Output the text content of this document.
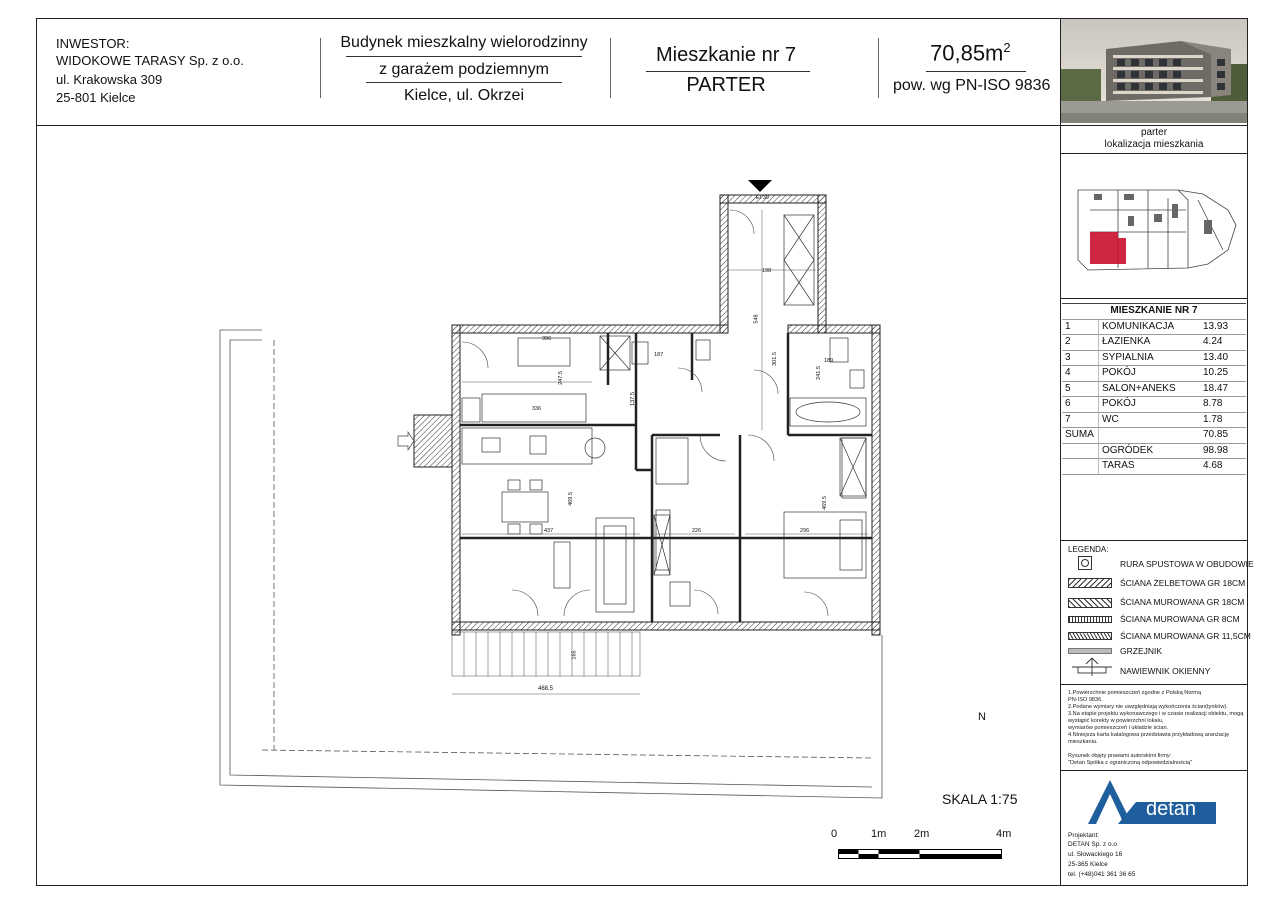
INWESTOR:
WIDOKOWE TARASY Sp. z o.o.
ul. Krakowska 309
25-801 Kielce
Budynek mieszkalny wielorodzinny
z garażem podziemnym
Kielce, ul. Okrzei
Mieszkanie nr 7
PARTER
$70,85m^2$
pow. wg PN-ISO 9836
parter
lokalizacja mieszkania
MIESZKANIE NR 7		
1	KOMUNIKACJA	13.93
2	ŁAZIENKA	4.24
3	SYPIALNIA	13.40
4	POKÓJ	10.25
5	SALON+ANEKS	18.47
6	POKÓJ	8.78
7	WC	1.78
SUMA		70.85
	OGRÓDEK	98.98
	TARAS	4.68
LEGENDA:
RURA SPUSTOWA W OBUDOWIE
ŚCIANA ŻELBETOWA GR 18CM
ŚCIANA MUROWANA GR 18CM
ŚCIANA MUROWANA GR 8CM
ŚCIANA MUROWANA GR 11,5CM
GRZEJNIK
NAWIEWNIK OKIENNY
1.Powierzchnie pomieszczeń zgodne z Polską Normą
PN-ISO 9836.
2.Podane wymiary nie uwzględniają wykończenia ścian(tynków).
3.Na etapie projektu wykonawczego i w czasie realizacji obiektu, mogą
wystąpić korekty w powierzchni lokalu,
wymiarów pomieszczeń i układzie ścian.
4.Niniejsza karta katalogowa przedstawia przykładową aranżację
mieszkania.

Rysunek objęty prawami autorskimi firmy:
"Detan Spółka z ograniczoną odpowiedzialnością"
detan
Projektant:
DETAN Sp. z o.o
ul. Słowackiego 16
25-365 Kielce
tel. (+48)041 361 36 65
396
187
189
336
247.5
137.5
241.5
198
548
437	226	296
469.5	469.5
468.5
165
301.5
EI 30
N
SKALA 1:75
0	1m	2m	4m
